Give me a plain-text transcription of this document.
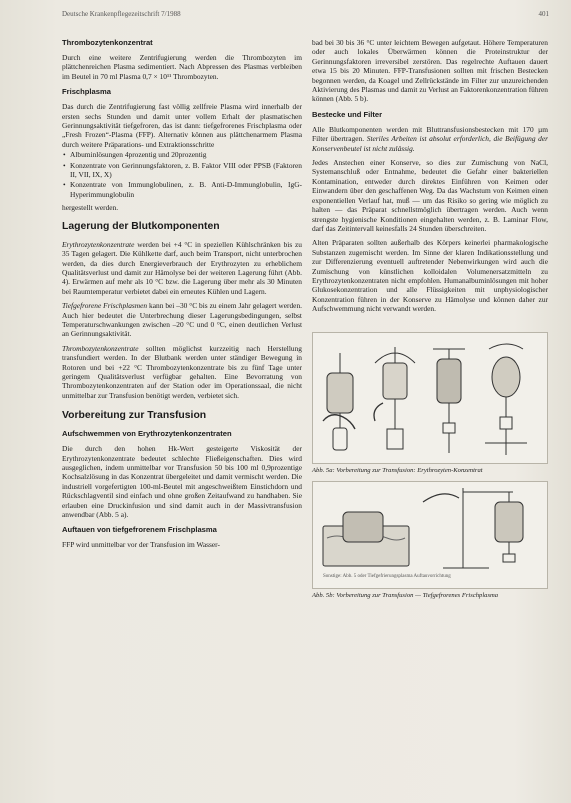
Deutsche Krankenpflegezeitschrift 7/1988	401
Thrombozytenkonzentrat

Durch eine weitere Zentrifugierung werden die Thrombozyten im plättchenreichen Plasma sedimentiert. Nach Abpressen des Plasmas verbleiben im Beutel in 70 ml Plasma 0,7 × 10¹¹ Thrombozyten.

Frischplasma

Das durch die Zentrifugierung fast völlig zellfreie Plasma wird innerhalb der ersten sechs Stunden und damit unter vollem Erhalt der plasmatischen Gerinnungsaktivität tiefgefroren, das ist dann: tiefgefrorenes Frischplasma oder „Fresh Frozen“-Plasma (FFP). Alternativ können aus plättchenarmem Plasma durch weitere Präparations- und Extraktionsschritte

• Albuminlösungen 4prozentig und 20prozentig
• Konzentrate von Gerinnungsfaktoren, z. B. Faktor VIII oder PPSB (Faktoren II, VII, IX, X)
• Konzentrate von Immunglobulinen, z. B. Anti-D-Immunglobulin, IgG-Hyperimmunglobulin

hergestellt werden.

Lagerung der Blutkomponenten

Erythrozytenkonzentrate werden bei +4 °C in speziellen Kühlschränken bis zu 35 Tagen gelagert. Die Kühlkette darf, auch beim Transport, nicht unterbrochen werden, da dies durch Energieverbrauch der Erythrozyten zu erheblichem Qualitätsverlust und damit zur Hämolyse bei der weiteren Lagerung führt (Abb. 4). Erwärmen auf mehr als 10 °C bzw. die Lagerung über mehr als 30 Minuten bei Raumtemperatur verbietet dabei ein erneutes Kühlen und Lagern.

Tiefgefrorene Frischplasmen kann bei –30 °C bis zu einem Jahr gelagert werden. Auch hier bedeutet die Unterbrechung dieser Lagerungsbedingungen, selbst Temperaturschwankungen zwischen –20 °C und 0 °C, einen deutlichen Verlust an Gerinnungsaktivität.

Thrombozytenkonzentrate sollten möglichst kurzzeitig nach Herstellung transfundiert werden. In der Blutbank werden unter ständiger Bewegung in Rotoren und bei +22 °C Thrombozytenkonzentrate bis zu fünf Tage unter geringem Qualitätsverlust verfügbar gehalten. Eine Bevorratung von Thrombozytenkonzentraten auf der Station oder im Operationssaal, die nicht unmittelbar zur Transfusion benötigt werden, verbietet sich.

Vorbereitung zur Transfusion
Aufschwemmen von Erythrozytenkonzentraten

Die durch den hohen Hk-Wert gesteigerte Viskosität der Erythrozytenkonzentrate bedeutet schlechte Fließeigenschaften. Dies wird ausgeglichen, indem unmittelbar vor Transfusion 50 bis 100 ml 0,9prozentige Kochsalzlösung in das Konzentrat übergeleitet und damit vermischt werden. Die industriell vorgefertigten 100-ml-Beutel mit angeschweißtem Einstichdorn und Rückschlagventil sind einfach und ohne großen Zeitaufwand zu handhaben. Sie erlauben eine Druckinfusion und sind damit auch in der Massivtransfusion anwendbar (Abb. 5 a).

Auftauen von tiefgefrorenem Frischplasma

FFP wird unmittelbar vor der Transfusion im Wasser-

bad bei 30 bis 36 °C unter leichtem Bewegen aufgetaut. Höhere Temperaturen oder auch lokales Überwärmen können die Proteinstruktur der Gerinnungsfaktoren irreversibel zerstören. Das regelrechte Auftauen dauert etwa 15 bis 20 Minuten. FFP-Transfusionen sollten mit frischen Bestecken begonnen werden, da Koagel und Zellrückstände im Filter zur unzureichenden Aktivierung des Plasmas und damit zu Verlust an Faktorenkonzentration führen können (Abb. 5 b).

Bestecke und Filter

Alle Blutkomponenten werden mit Bluttransfusionsbestecken mit 170 µm Filter übertragen. Steriles Arbeiten ist absolut erforderlich, die Beifügung der Konservenbeutel ist nicht zulässig.

Jedes Anstechen einer Konserve, so dies zur Zumischung von NaCl, Systemanschluß oder Entnahme, bedeutet die Gefahr einer bakteriellen Kontamination, entweder durch direktes Einführen von Keimen oder Einwandern über den geschaffenen Weg. Da das Wachstum von Keimen einen exponentiellen Verlauf hat, muß — um das Risiko so gering wie möglich zu halten — das Präparat schnellstmöglich übertragen werden. Auch wenn strengste hygienische Konditionen eingehalten werden, z. B. Laminar Flow, darf das Zeitintervall keinesfalls 24 Stunden überschreiten.

Alten Präparaten sollten außerhalb des Körpers keinerlei pharmakologische Substanzen zugemischt werden. Im Sinne der klaren Indikationsstellung und zur Differenzierung eventuell auftretender Nebenwirkungen wird auch die Zumischung von künstlichen kolloidalen Volumenersatzmitteln zu Erythrozytenkonzentraten nicht empfohlen. Humanalbuminlösungen mit hoher Glukosekonzentration und alle Flüssigkeiten mit unphysiologischer Konzentration führen in der Konserve zu Hämolyse und können daher zur Aufschwemmung nicht verwandt werden.

Abb. 5a: Vorbereitung zur Transfusion: Erythrozyten-Konzentrat
Sonstige: Abb. 5 oder Tiefgefrierungsplasma Auftauvorrichtung
Abb. 5b: Vorbereitung zur Transfusion — Tiefgefrorenes Frischplasma
